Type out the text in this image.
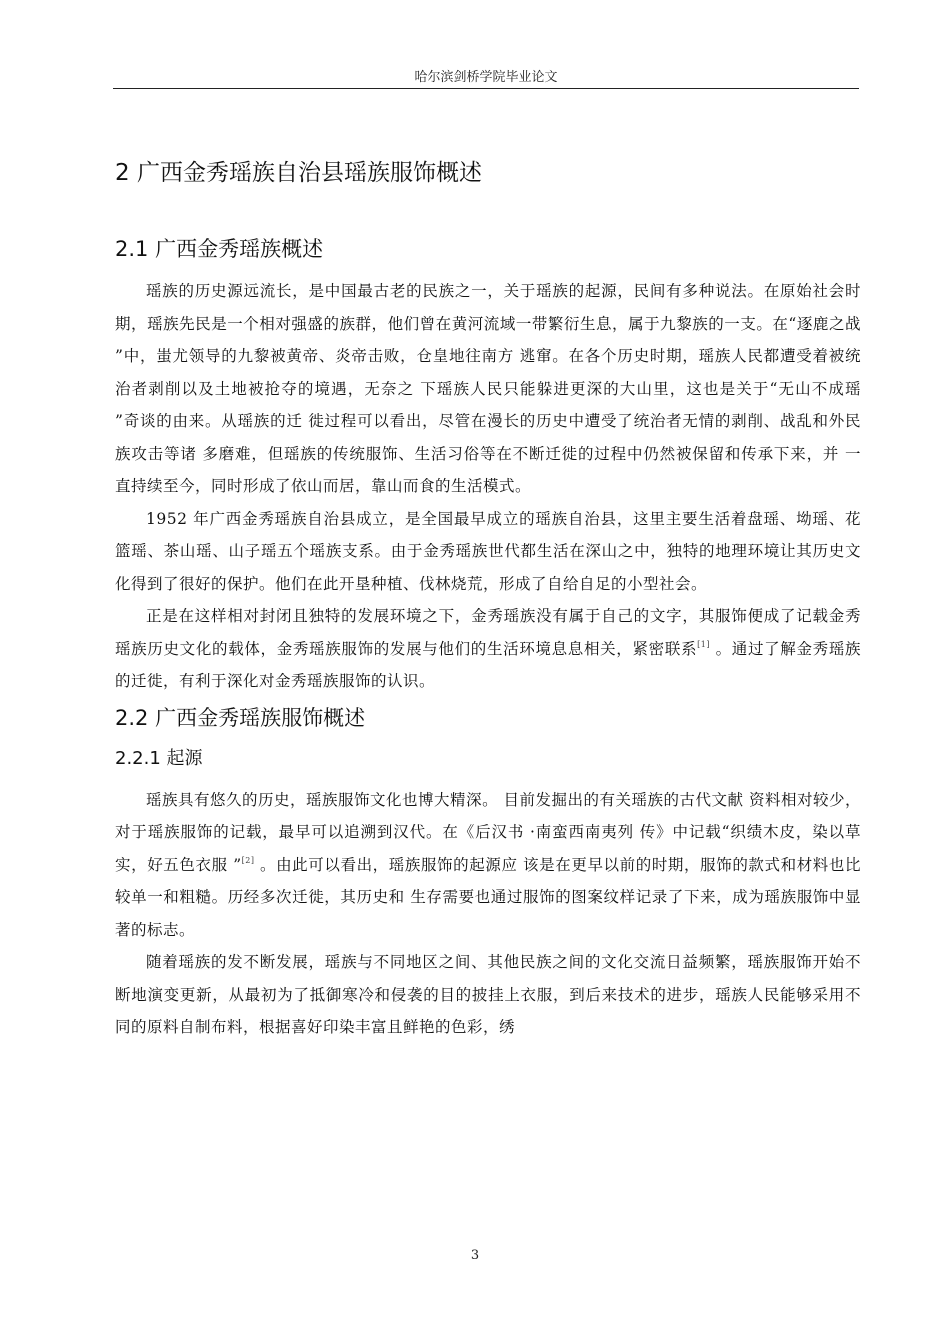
哈尔滨剑桥学院毕业论文
2 广西金秀瑶族自治县瑶族服饰概述
2.1 广西金秀瑶族概述

瑶族的历史源远流长，是中国最古老的民族之一，关于瑶族的起源，民间有多种说法。在原始社会时期，瑶族先民是一个相对强盛的族群，他们曾在黄河流域一带繁衍生息，属于九黎族的一支。在“逐鹿之战 ”中，蚩尤领导的九黎被黄帝、炎帝击败，仓皇地往南方 逃窜。在各个历史时期，瑶族人民都遭受着被统治者剥削以及土地被抢夺的境遇，无奈之 下瑶族人民只能躲进更深的大山里，这也是关于“无山不成瑶 ”奇谈的由来。从瑶族的迁 徙过程可以看出，尽管在漫长的历史中遭受了统治者无情的剥削、战乱和外民族攻击等诸 多磨难，但瑶族的传统服饰、生活习俗等在不断迁徙的过程中仍然被保留和传承下来，并 一直持续至今，同时形成了依山而居，靠山而食的生活模式。

1952 年广西金秀瑶族自治县成立，是全国最早成立的瑶族自治县，这里主要生活着盘瑶、坳瑶、花篮瑶、茶山瑶、山子瑶五个瑶族支系。由于金秀瑶族世代都生活在深山之中，独特的地理环境让其历史文化得到了很好的保护。他们在此开垦种植、伐林烧荒，形成了自给自足的小型社会。

正是在这样相对封闭且独特的发展环境之下，金秀瑶族没有属于自己的文字，其服饰便成了记载金秀瑶族历史文化的载体，金秀瑶族服饰的发展与他们的生活环境息息相关，紧密联系[1] 。通过了解金秀瑶族的迁徙，有利于深化对金秀瑶族服饰的认识。

2.2 广西金秀瑶族服饰概述
2.2.1 起源

瑶族具有悠久的历史，瑶族服饰文化也博大精深。 目前发掘出的有关瑶族的古代文献 资料相对较少，对于瑶族服饰的记载，最早可以追溯到汉代。在《后汉书 ·南蛮西南夷列 传》中记载“织绩木皮，染以草实，好五色衣服 ”[2] 。由此可以看出，瑶族服饰的起源应 该是在更早以前的时期，服饰的款式和材料也比较单一和粗糙。历经多次迁徙，其历史和 生存需要也通过服饰的图案纹样记录了下来，成为瑶族服饰中显著的标志。

随着瑶族的发不断发展，瑶族与不同地区之间、其他民族之间的文化交流日益频繁，瑶族服饰开始不断地演变更新，从最初为了抵御寒冷和侵袭的目的披挂上衣服，到后来技术的进步，瑶族人民能够采用不同的原料自制布料，根据喜好印染丰富且鲜艳的色彩，绣

3
